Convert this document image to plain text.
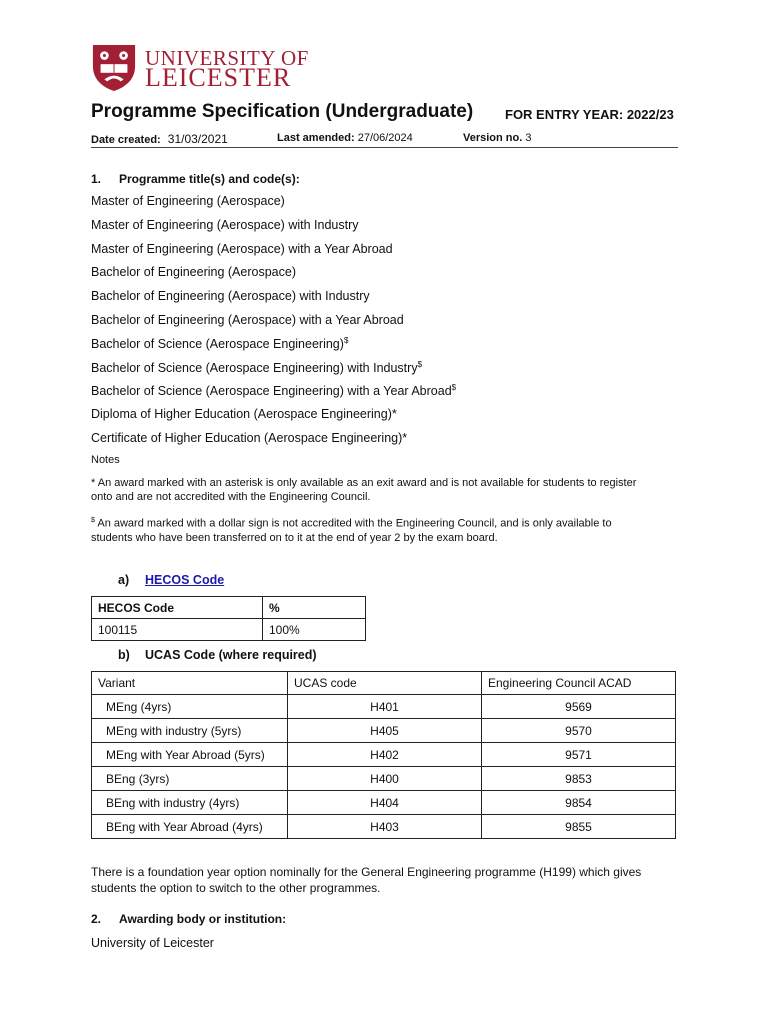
UNIVERSITY OF
LEICESTER
Programme Specification (Undergraduate) FOR ENTRY YEAR: 2022/23
Date created: 31/03/2021	Last amended: 27/06/2024	Version no. 3
1. Programme title(s) and code(s):
Master of Engineering (Aerospace)
Master of Engineering (Aerospace) with Industry
Master of Engineering (Aerospace) with a Year Abroad
Bachelor of Engineering (Aerospace)
Bachelor of Engineering (Aerospace) with Industry
Bachelor of Engineering (Aerospace) with a Year Abroad
Bachelor of Science (Aerospace Engineering)$
Bachelor of Science (Aerospace Engineering) with Industry$
Bachelor of Science (Aerospace Engineering) with a Year Abroad$
Diploma of Higher Education (Aerospace Engineering)*
Certificate of Higher Education (Aerospace Engineering)*
Notes
* An award marked with an asterisk is only available as an exit award and is not available for students to register onto and are not accredited with the Engineering Council.
$ An award marked with a dollar sign is not accredited with the Engineering Council, and is only available to students who have been transferred on to it at the end of year 2 by the exam board.
a) HECOS Code
HECOS Code	%
100115	100%
b) UCAS Code (where required)
Variant	UCAS code	Engineering Council ACAD
MEng (4yrs)	H401	9569
MEng with industry (5yrs)	H405	9570
MEng with Year Abroad (5yrs)	H402	9571
BEng (3yrs)	H400	9853
BEng with industry (4yrs)	H404	9854
BEng with Year Abroad (4yrs)	H403	9855
There is a foundation year option nominally for the General Engineering programme (H199) which gives students the option to switch to the other programmes.
2. Awarding body or institution:
University of Leicester
